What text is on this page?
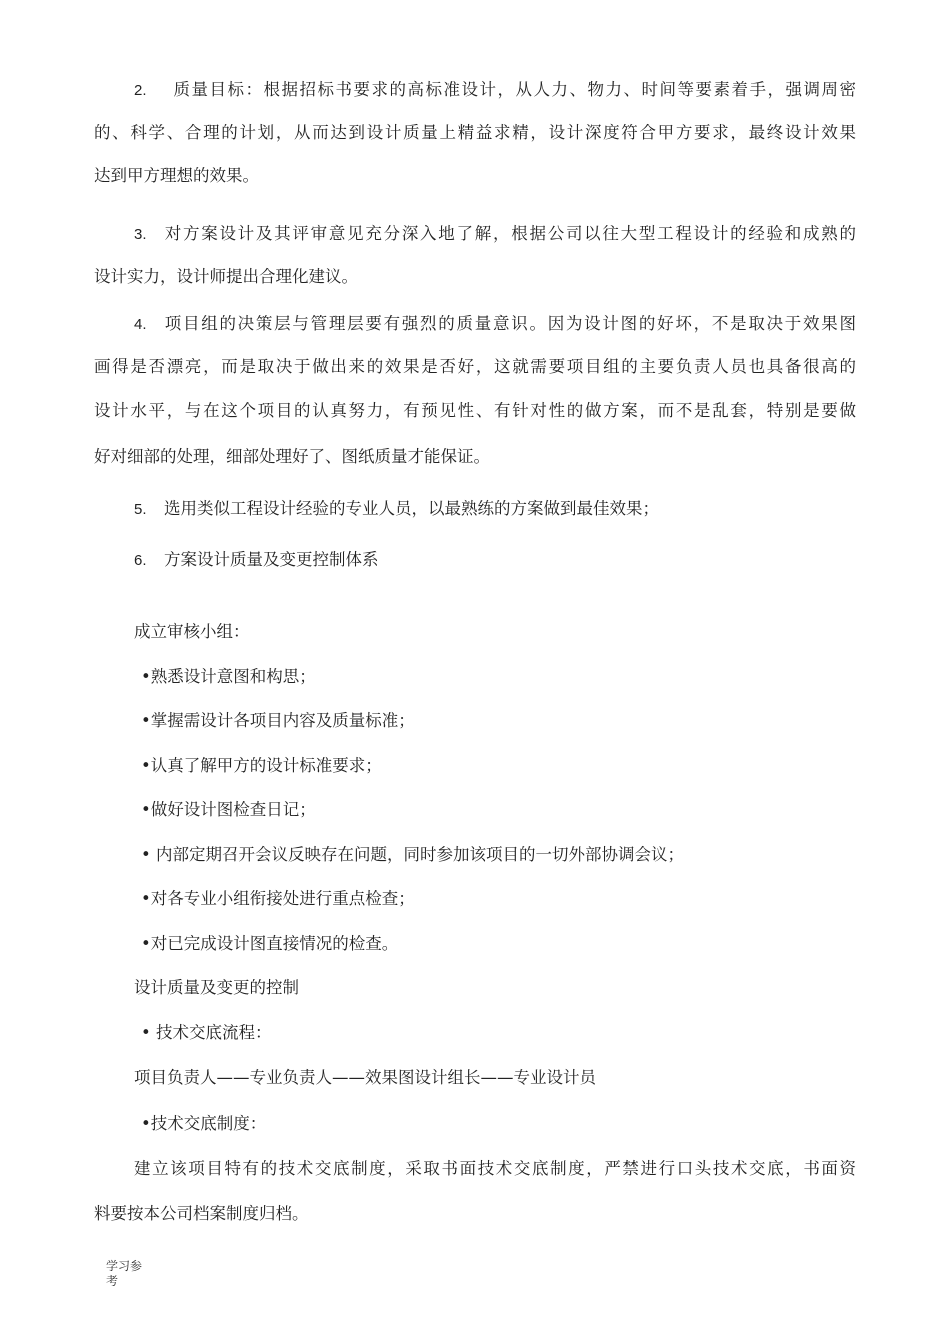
2. 质量目标：根据招标书要求的高标准设计，从人力、物力、时间等要素着手，强调周密
的、科学、合理的计划，从而达到设计质量上精益求精，设计深度符合甲方要求，最终设计效果
达到甲方理想的效果。
3. 对方案设计及其评审意见充分深入地了解，根据公司以往大型工程设计的经验和成熟的
设计实力，设计师提出合理化建议。
4. 项目组的决策层与管理层要有强烈的质量意识。因为设计图的好坏，不是取决于效果图
画得是否漂亮，而是取决于做出来的效果是否好，这就需要项目组的主要负责人员也具备很高的
设计水平，与在这个项目的认真努力，有预见性、有针对性的做方案，而不是乱套，特别是要做
好对细部的处理，细部处理好了、图纸质量才能保证。
5. 选用类似工程设计经验的专业人员，以最熟练的方案做到最佳效果；
6. 方案设计质量及变更控制体系
成立审核小组：
•熟悉设计意图和构思；
•掌握需设计各项目内容及质量标准；
•认真了解甲方的设计标准要求；
•做好设计图检查日记；
• 内部定期召开会议反映存在问题，同时参加该项目的一切外部协调会议；
•对各专业小组衔接处进行重点检查；
•对已完成设计图直接情况的检查。
设计质量及变更的控制
• 技术交底流程：
项目负责人——专业负责人——效果图设计组长——专业设计员
•技术交底制度：
建立该项目特有的技术交底制度，采取书面技术交底制度，严禁进行口头技术交底，书面资
料要按本公司档案制度归档。
学习参
考
